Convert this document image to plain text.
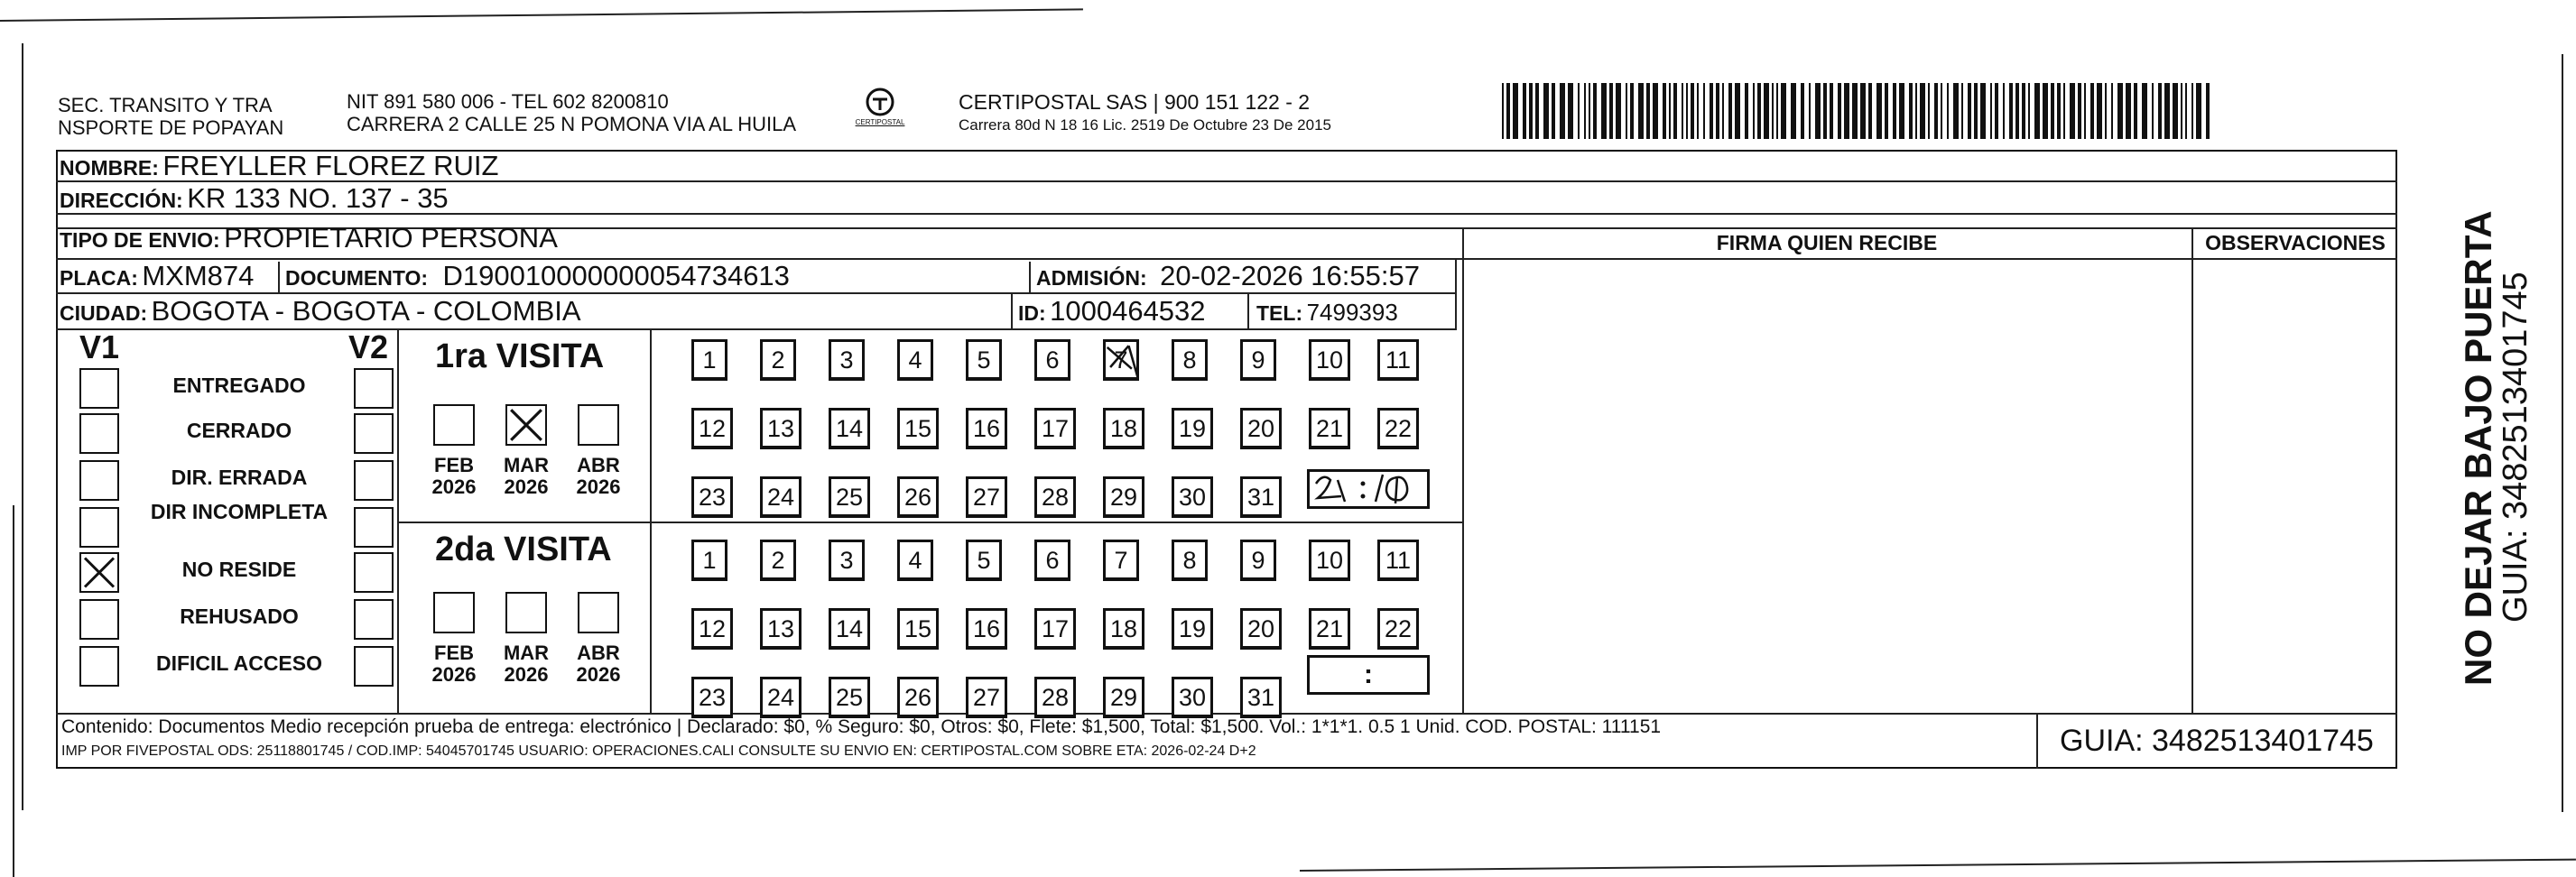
SEC. TRANSITO Y TRA
NSPORTE DE POPAYAN
NIT 891 580 006 - TEL 602 8200810
CARRERA 2 CALLE 25 N POMONA VIA AL HUILA	CERTIPOSTAL
CERTIPOSTAL SAS | 900 151 122 - 2
Carrera 80d N 18 16 Lic. 2519 De Octubre 23 De 2015
NOMBRE: FREYLLER FLOREZ RUIZ
DIRECCIÓN: KR 133 NO. 137 - 35
TIPO DE ENVIO: PROPIETARIO PERSONA
PLACA: MXM874 DOCUMENTO: D190010000000054734613	ADMISIÓN: 20-02-2026 16:55:57
CIUDAD: BOGOTA - BOGOTA - COLOMBIA	ID: 1000464532 TEL: 7499393
FIRMA QUIEN RECIBE	OBSERVACIONES
V1	V2
ENTREGADO
CERRADO
DIR. ERRADA
DIR INCOMPLETA
NO RESIDE
REHUSADO
DIFICIL ACCESO
1ra VISITA
2da VISITA
FEB
2026
MAR
2026
ABR
2026
FEB
2026
MAR
2026
ABR
2026
1	2	3	4	5	6	7	8	9	10	11
12 13 14 15 16 17 18 19 20 21 22
23 24 25 26 27 28 29 30 31
1	2	3	4	5	6	7	8	9	10	11
12 13 14 15 16 17 18 19 20 21 22
23 24 25 26 27 28 29 30 31
:
Contenido: Documentos Medio recepción prueba de entrega: electrónico | Declarado: $0, % Seguro: $0, Otros: $0, Flete: $1,500, Total: $1,500. Vol.: 1*1*1. 0.5 1 Unid. COD. POSTAL: 111151
IMP POR FIVEPOSTAL ODS: 25118801745 / COD.IMP: 54045701745 USUARIO: OPERACIONES.CALI CONSULTE SU ENVIO EN: CERTIPOSTAL.COM SOBRE ETA: 2026-02-24 D+2	GUIA: 3482513401745
NO DEJAR BAJO PUERTA
GUIA: 3482513401745
